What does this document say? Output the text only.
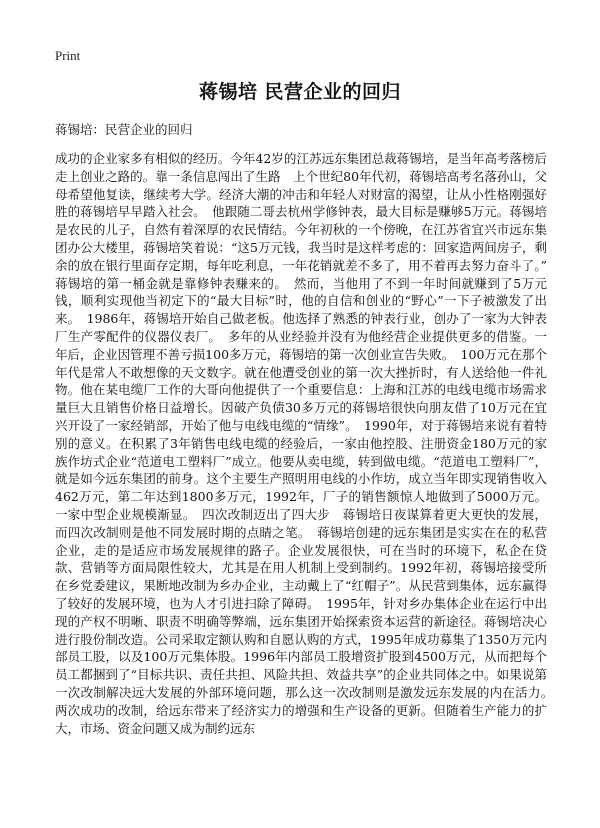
Print
蒋锡培 民营企业的回归
蒋锡培：民营企业的回归

成功的企业家多有相似的经历。今年42岁的江苏远东集团总裁蒋锡培，是当年高考落榜后走上创业之路的。靠一条信息闯出了生路　上个世纪80年代初，蒋锡培高考名落孙山，父母希望他复读，继续考大学。经济大潮的冲击和年轻人对财富的渴望，让从小性格刚强好胜的蒋锡培早早踏入社会。　他跟随二哥去杭州学修钟表，最大目标是赚够5万元。蒋锡培是农民的儿子，自然有着深厚的农民情结。今年初秋的一个傍晚，在江苏省宜兴市远东集团办公大楼里，蒋锡培笑着说：“这5万元钱，我当时是这样考虑的：回家造两间房子，剩余的放在银行里面存定期，每年吃利息，一年花销就差不多了，用不着再去努力奋斗了。”　蒋锡培的第一桶金就是靠修钟表赚来的。　然而，当他用了不到一年时间就赚到了5万元钱，顺利实现他当初定下的“最大目标”时，他的自信和创业的“野心”一下子被激发了出来。　1986年，蒋锡培开始自己做老板。他选择了熟悉的钟表行业，创办了一家为大钟表厂生产零配件的仪器仪表厂。　多年的从业经验并没有为他经营企业提供更多的借鉴。一年后，企业因管理不善亏损100多万元，蒋锡培的第一次创业宣告失败。　100万元在那个年代是常人不敢想像的天文数字。就在他遭受创业的第一次大挫折时，有人送给他一件礼物。他在某电缆厂工作的大哥向他提供了一个重要信息：上海和江苏的电线电缆市场需求量巨大且销售价格日益增长。因破产负债30多万元的蒋锡培很快向朋友借了10万元在宜兴开设了一家经销部，开始了他与电线电缆的“情缘”。　1990年，对于蒋锡培来说有着特别的意义。在积累了3年销售电线电缆的经验后，一家由他控股、注册资金180万元的家族作坊式企业“范道电工塑料厂”成立。他要从卖电缆，转到做电缆。“范道电工塑料厂”，就是如今远东集团的前身。这个主要生产照明用电线的小作坊，成立当年即实现销售收入462万元，第二年达到1800多万元，1992年，厂子的销售额惊人地做到了5000万元。一家中型企业规模渐显。　四次改制迈出了四大步　蒋锡培日夜谋算着更大更快的发展，而四次改制则是他不同发展时期的点睛之笔。　蒋锡培创建的远东集团是实实在在的私营企业，走的是适应市场发展规律的路子。企业发展很快，可在当时的环境下，私企在贷款、营销等方面局限性较大，尤其是在用人机制上受到制约。1992年初，蒋锡培接受所在乡党委建议，果断地改制为乡办企业，主动戴上了“红帽子”。从民营到集体，远东赢得了较好的发展环境，也为人才引进扫除了障碍。　1995年，针对乡办集体企业在运行中出现的产权不明晰、职责不明确等弊端，远东集团开始探索资本运营的新途径。蒋锡培决心进行股份制改造。公司采取定额认购和自愿认购的方式，1995年成功募集了1350万元内部员工股，以及100万元集体股。1996年内部员工股增资扩股到4500万元，从而把每个员工都捆到了“目标共识、责任共担、风险共担、效益共享”的企业共同体之中。如果说第一次改制解决远大发展的外部环境问题，那么这一次改制则是激发远东发展的内在活力。　两次成功的改制，给远东带来了经济实力的增强和生产设备的更新。但随着生产能力的扩大，市场、资金问题又成为制约远东
